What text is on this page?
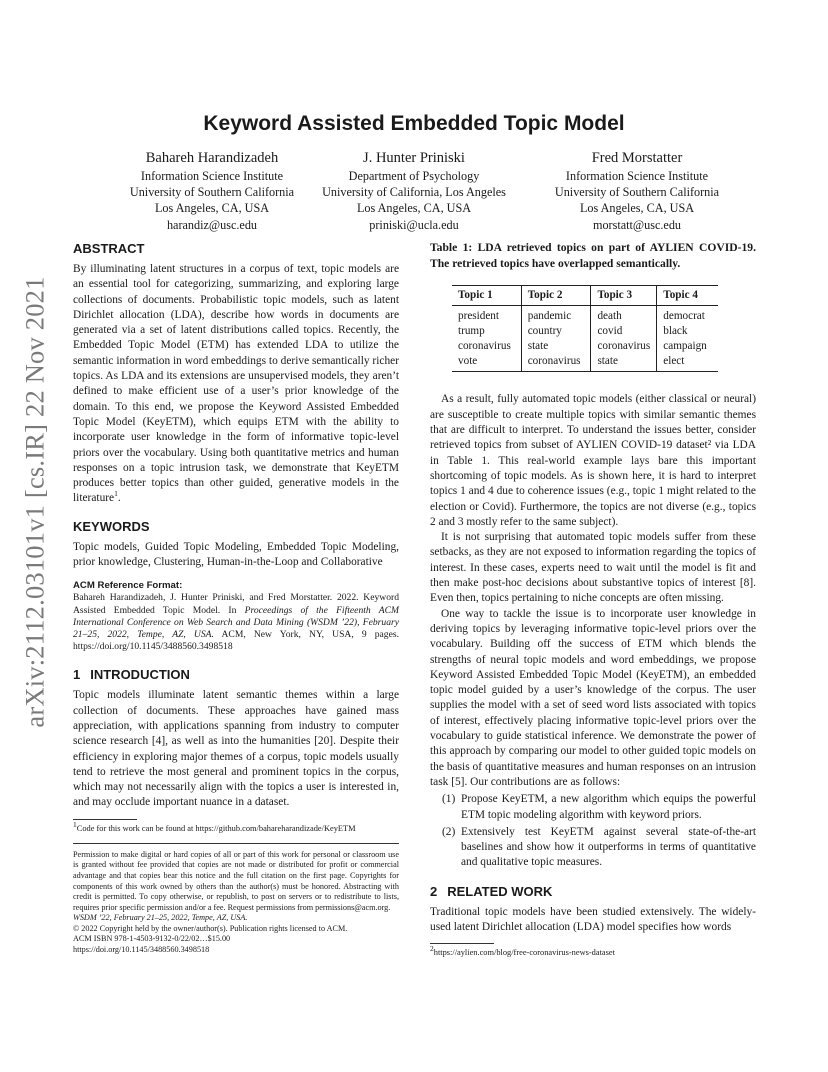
arXiv:2112.03101v1 [cs.IR] 22 Nov 2021
Keyword Assisted Embedded Topic Model
Bahareh Harandizadeh
Information Science Institute
University of Southern California
Los Angeles, CA, USA
harandiz@usc.edu
J. Hunter Priniski
Department of Psychology
University of California, Los Angeles
Los Angeles, CA, USA
priniski@ucla.edu
Fred Morstatter
Information Science Institute
University of Southern California
Los Angeles, CA, USA
morstatt@usc.edu
ABSTRACT

By illuminating latent structures in a corpus of text, topic models are an essential tool for categorizing, summarizing, and exploring large collections of documents. Probabilistic topic models, such as latent Dirichlet allocation (LDA), describe how words in documents are generated via a set of latent distributions called topics. Recently, the Embedded Topic Model (ETM) has extended LDA to utilize the semantic information in word embeddings to derive semantically richer topics. As LDA and its extensions are unsupervised models, they aren’t defined to make efficient use of a user’s prior knowledge of the domain. To this end, we propose the Keyword Assisted Embedded Topic Model (KeyETM), which equips ETM with the ability to incorporate user knowledge in the form of informative topic-level priors over the vocabulary. Using both quantitative metrics and human responses on a topic intrusion task, we demonstrate that KeyETM produces better topics than other guided, generative models in the literature$^1$.

KEYWORDS

Topic models, Guided Topic Modeling, Embedded Topic Modeling, prior knowledge, Clustering, Human-in-the-Loop and Collaborative

ACM Reference Format:

Bahareh Harandizadeh, J. Hunter Priniski, and Fred Morstatter. 2022. Keyword Assisted Embedded Topic Model. In Proceedings of the Fifteenth ACM International Conference on Web Search and Data Mining (WSDM ’22), February 21–25, 2022, Tempe, AZ, USA. ACM, New York, NY, USA, 9 pages. https://doi.org/10.1145/3488560.3498518

1 INTRODUCTION

Topic models illuminate latent semantic themes within a large collection of documents. These approaches have gained mass appreciation, with applications spanning from industry to computer science research [4], as well as into the humanities [20]. Despite their efficiency in exploring major themes of a corpus, topic models usually tend to retrieve the most general and prominent topics in the corpus, which may not necessarily align with the topics a user is interested in, and may occlude important nuance in a dataset.

$^1$Code for this work can be found at https://github.com/bahareharandizade/KeyETM
Permission to make digital or hard copies of all or part of this work for personal or classroom use is granted without fee provided that copies are not made or distributed for profit or commercial advantage and that copies bear this notice and the full citation on the first page. Copyrights for components of this work owned by others than the author(s) must be honored. Abstracting with credit is permitted. To copy otherwise, or republish, to post on servers or to redistribute to lists, requires prior specific permission and/or a fee. Request permissions from permissions@acm.org.
WSDM ’22, February 21–25, 2022, Tempe, AZ, USA.
© 2022 Copyright held by the owner/author(s). Publication rights licensed to ACM.
ACM ISBN 978-1-4503-9132-0/22/02…$15.00
https://doi.org/10.1145/3488560.3498518
Table 1: LDA retrieved topics on part of AYLIEN COVID-19. The retrieved topics have overlapped semantically.
Topic 1	Topic 2	Topic 3	Topic 4
president	pandemic	death	democrat
trump	country	covid	black
coronavirus	state	coronavirus	campaign
vote	coronavirus	state	elect

As a result, fully automated topic models (either classical or neural) are susceptible to create multiple topics with similar semantic themes that are difficult to interpret. To understand the issues better, consider retrieved topics from subset of AYLIEN COVID-19 dataset² via LDA in Table 1. This real-world example lays bare this important shortcoming of topic models. As is shown here, it is hard to interpret topics 1 and 4 due to coherence issues (e.g., topic 1 might related to the election or Covid). Furthermore, the topics are not diverse (e.g., topics 2 and 3 mostly refer to the same subject).

It is not surprising that automated topic models suffer from these setbacks, as they are not exposed to information regarding the topics of interest. In these cases, experts need to wait until the model is fit and then make post-hoc decisions about substantive topics of interest [8]. Even then, topics pertaining to niche concepts are often missing.

One way to tackle the issue is to incorporate user knowledge in deriving topics by leveraging informative topic-level priors over the vocabulary. Building off the success of ETM which blends the strengths of neural topic models and word embeddings, we propose Keyword Assisted Embedded Topic Model (KeyETM), an embedded topic model guided by a user’s knowledge of the corpus. The user supplies the model with a set of seed word lists associated with topics of interest, effectively placing informative topic-level priors over the vocabulary to guide statistical inference. We demonstrate the power of this approach by comparing our model to other guided topic models on the basis of quantitative measures and human responses on an intrusion task [5]. Our contributions are as follows:

(1) Propose KeyETM, a new algorithm which equips the powerful ETM topic modeling algorithm with keyword priors.
(2) Extensively test KeyETM against several state-of-the-art baselines and show how it outperforms in terms of quantitative and qualitative topic measures.
2 RELATED WORK

Traditional topic models have been studied extensively. The widely-used latent Dirichlet allocation (LDA) model specifies how words

$^2$https://aylien.com/blog/free-coronavirus-news-dataset
